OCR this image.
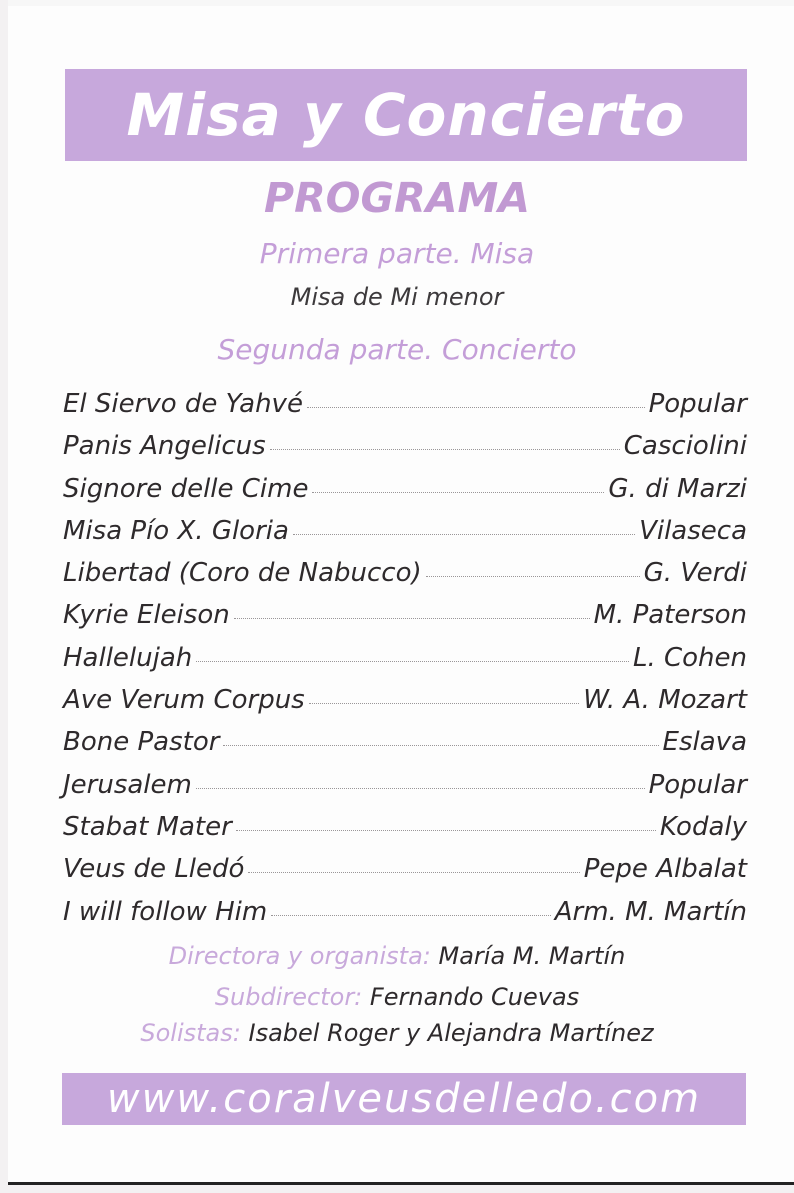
Misa y Concierto
PROGRAMA
Primera parte. Misa
Misa de Mi menor
Segunda parte. Concierto
El Siervo de Yahvé	Popular
Panis Angelicus	Casciolini
Signore delle Cime	G. di Marzi
Misa Pío X. Gloria	Vilaseca
Libertad (Coro de Nabucco)	G. Verdi
Kyrie Eleison	M. Paterson
Hallelujah	L. Cohen
Ave Verum Corpus	W. A. Mozart
Bone Pastor	Eslava
Jerusalem	Popular
Stabat Mater	Kodaly
Veus de Lledó	Pepe Albalat
I will follow Him	Arm. M. Martín
Directora y organista: María M. Martín
Subdirector: Fernando Cuevas
Solistas: Isabel Roger y Alejandra Martínez
www.coralveusdelledo.com
